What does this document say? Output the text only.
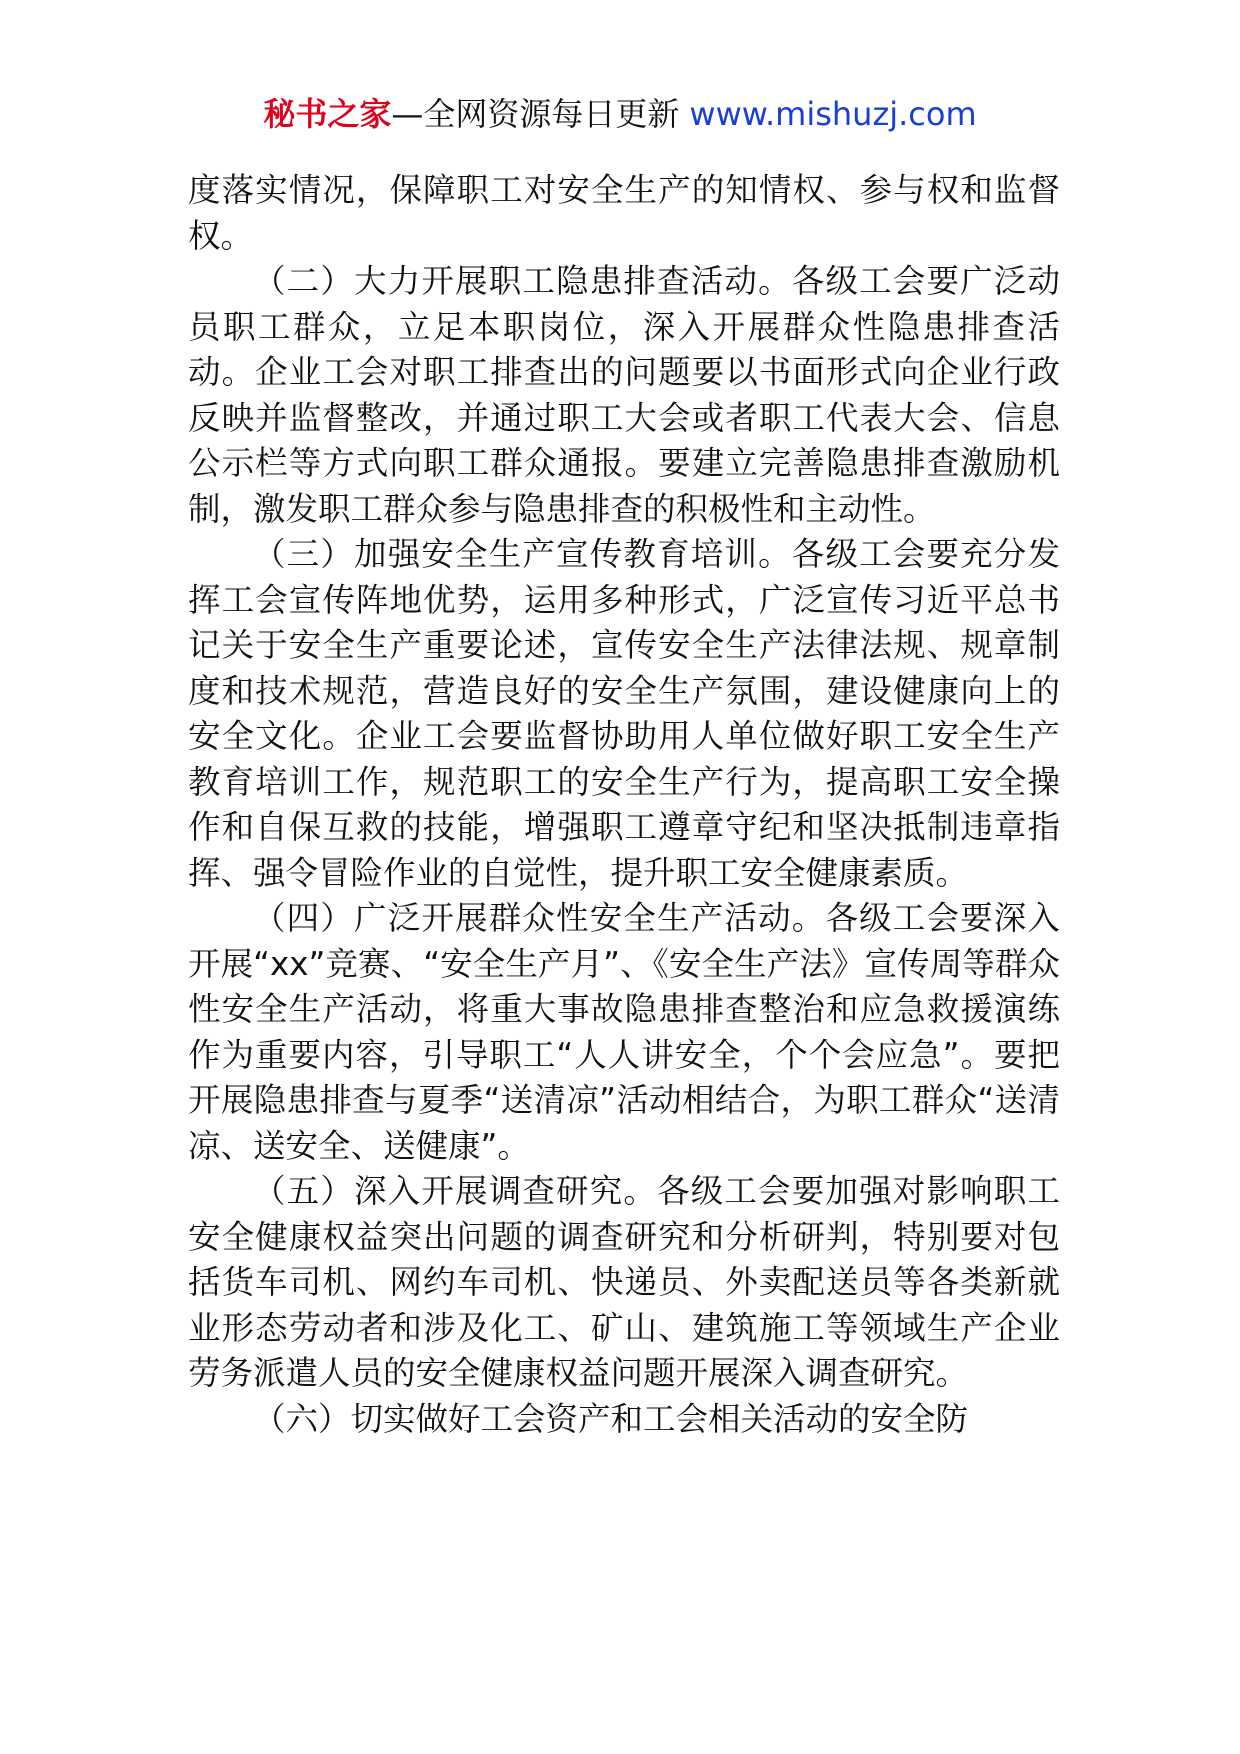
秘书之家—全网资源每日更新 www.mishuzj.com

度落实情况，保障职工对安全生产的知情权、参与权和监督权。

（二）大力开展职工隐患排查活动。各级工会要广泛动员职工群众，立足本职岗位，深入开展群众性隐患排查活动。企业工会对职工排查出的问题要以书面形式向企业行政反映并监督整改，并通过职工大会或者职工代表大会、信息公示栏等方式向职工群众通报。要建立完善隐患排查激励机制，激发职工群众参与隐患排查的积极性和主动性。

（三）加强安全生产宣传教育培训。各级工会要充分发挥工会宣传阵地优势，运用多种形式，广泛宣传习近平总书记关于安全生产重要论述，宣传安全生产法律法规、规章制度和技术规范，营造良好的安全生产氛围，建设健康向上的安全文化。企业工会要监督协助用人单位做好职工安全生产教育培训工作，规范职工的安全生产行为，提高职工安全操作和自保互救的技能，增强职工遵章守纪和坚决抵制违章指挥、强令冒险作业的自觉性，提升职工安全健康素质。

（四）广泛开展群众性安全生产活动。各级工会要深入开展“xx”竞赛、“安全生产月”、《安全生产法》宣传周等群众性安全生产活动，将重大事故隐患排查整治和应急救援演练作为重要内容，引导职工“人人讲安全，个个会应急”。要把开展隐患排查与夏季“送清凉”活动相结合，为职工群众“送清凉、送安全、送健康”。

（五）深入开展调查研究。各级工会要加强对影响职工安全健康权益突出问题的调查研究和分析研判，特别要对包括货车司机、网约车司机、快递员、外卖配送员等各类新就业形态劳动者和涉及化工、矿山、建筑施工等领域生产企业劳务派遣人员的安全健康权益问题开展深入调查研究。

（六）切实做好工会资产和工会相关活动的安全防
